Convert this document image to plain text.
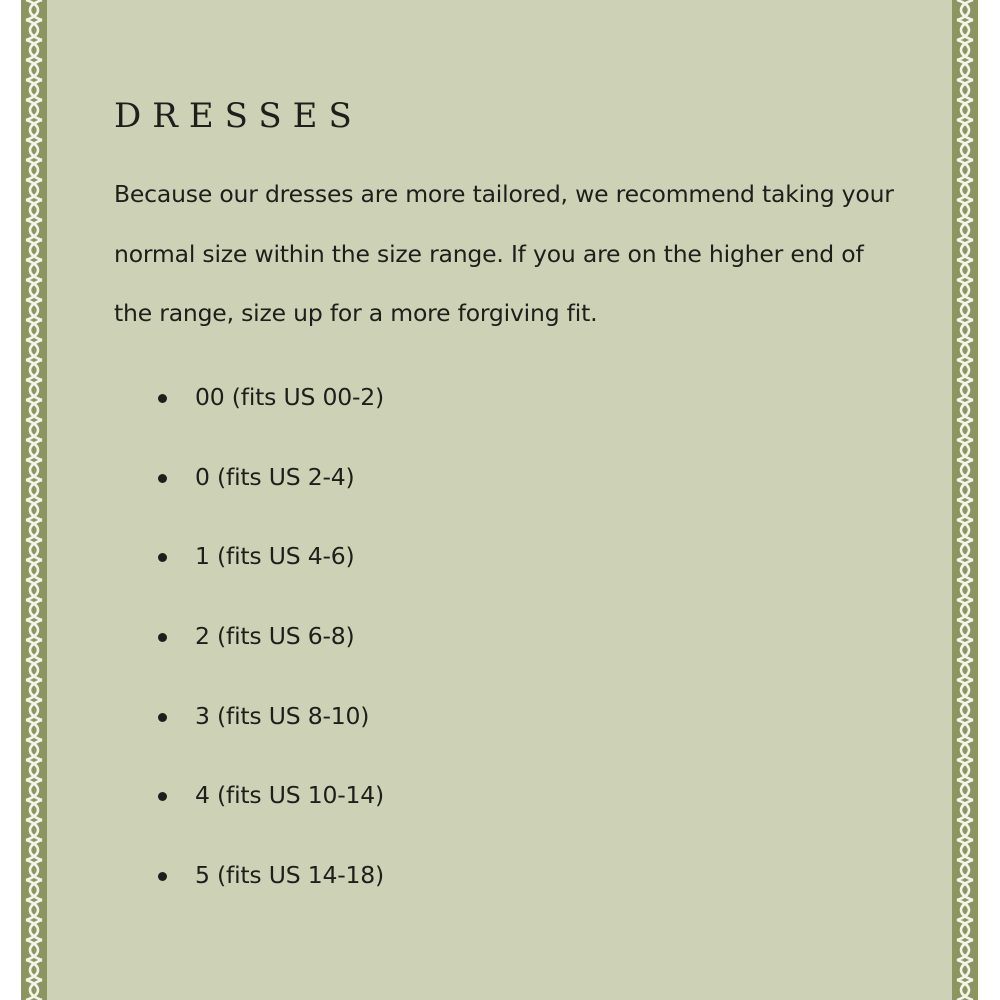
DRESSES

Because our dresses are more tailored, we recommend taking your normal size within the size range. If you are on the higher end of the range, size up for a more forgiving fit.

00 (fits US 00-2)
0 (fits US 2-4)
1 (fits US 4-6)
2 (fits US 6-8)
3 (fits US 8-10)
4 (fits US 10-14)
5 (fits US 14-18)
